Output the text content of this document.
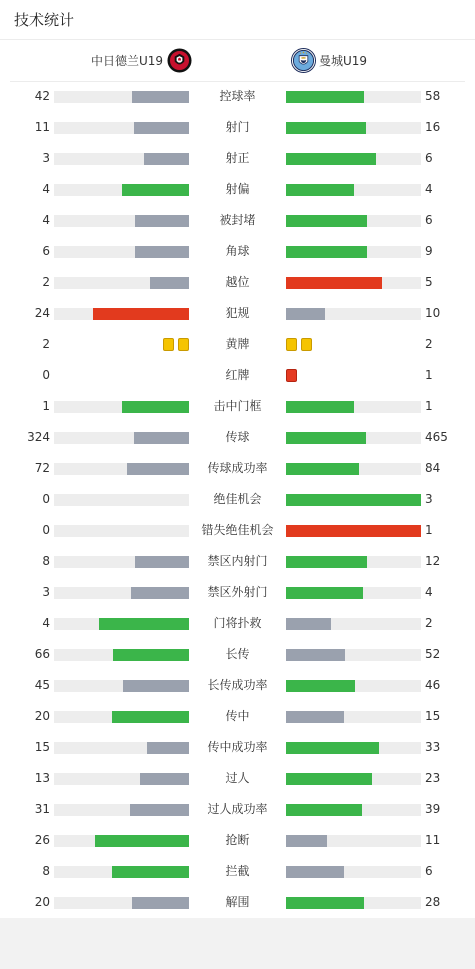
技术统计
中日德兰U19	曼城U19
42	控球率	58
11	射门	16
3	射正	6
4	射偏	4
4	被封堵	6
6	角球	9
2	越位	5
24	犯规	10
2	黄牌	2
0	红牌	1
1	击中门框	1
324	传球	465
72	传球成功率	84
0	绝佳机会	3
0	错失绝佳机会	1
8	禁区内射门	12
3	禁区外射门	4
4	门将扑救	2
66	长传	52
45	长传成功率	46
20	传中	15
15	传中成功率	33
13	过人	23
31	过人成功率	39
26	抢断	11
8	拦截	6
20	解围	28
